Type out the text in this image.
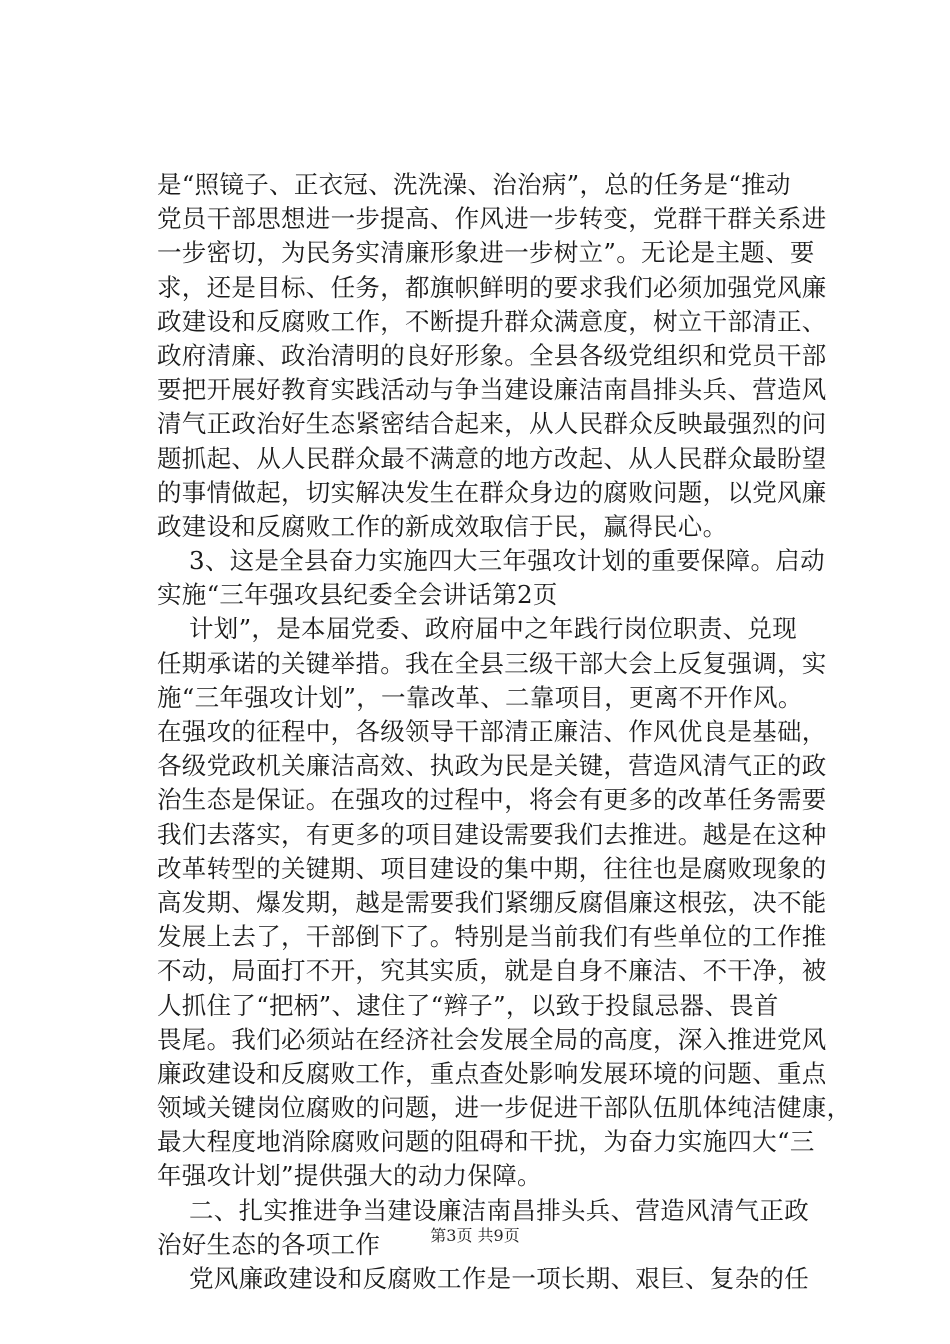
是“照镜子、正衣冠、洗洗澡、治治病”，总的任务是“推动
党员干部思想进一步提高、作风进一步转变，党群干群关系进
一步密切，为民务实清廉形象进一步树立”。无论是主题、要
求，还是目标、任务，都旗帜鲜明的要求我们必须加强党风廉
政建设和反腐败工作，不断提升群众满意度，树立干部清正、
政府清廉、政治清明的良好形象。全县各级党组织和党员干部
要把开展好教育实践活动与争当建设廉洁南昌排头兵、营造风
清气正政治好生态紧密结合起来，从人民群众反映最强烈的问
题抓起、从人民群众最不满意的地方改起、从人民群众最盼望
的事情做起，切实解决发生在群众身边的腐败问题，以党风廉
政建设和反腐败工作的新成效取信于民，赢得民心。
3、这是全县奋力实施四大三年强攻计划的重要保障。启动
实施“三年强攻县纪委全会讲话第2页
计划”，是本届党委、政府届中之年践行岗位职责、兑现
任期承诺的关键举措。我在全县三级干部大会上反复强调，实
施“三年强攻计划”，一靠改革、二靠项目，更离不开作风。
在强攻的征程中，各级领导干部清正廉洁、作风优良是基础，
各级党政机关廉洁高效、执政为民是关键，营造风清气正的政
治生态是保证。在强攻的过程中，将会有更多的改革任务需要
我们去落实，有更多的项目建设需要我们去推进。越是在这种
改革转型的关键期、项目建设的集中期，往往也是腐败现象的
高发期、爆发期，越是需要我们紧绷反腐倡廉这根弦，决不能
发展上去了，干部倒下了。特别是当前我们有些单位的工作推
不动，局面打不开，究其实质，就是自身不廉洁、不干净，被
人抓住了“把柄”、逮住了“辫子”，以致于投鼠忌器、畏首
畏尾。我们必须站在经济社会发展全局的高度，深入推进党风
廉政建设和反腐败工作，重点查处影响发展环境的问题、重点
领域关键岗位腐败的问题，进一步促进干部队伍肌体纯洁健康，
最大程度地消除腐败问题的阻碍和干扰，为奋力实施四大“三
年强攻计划”提供强大的动力保障。
二、扎实推进争当建设廉洁南昌排头兵、营造风清气正政
治好生态的各项工作
党风廉政建设和反腐败工作是一项长期、艰巨、复杂的任
第3页 共9页
